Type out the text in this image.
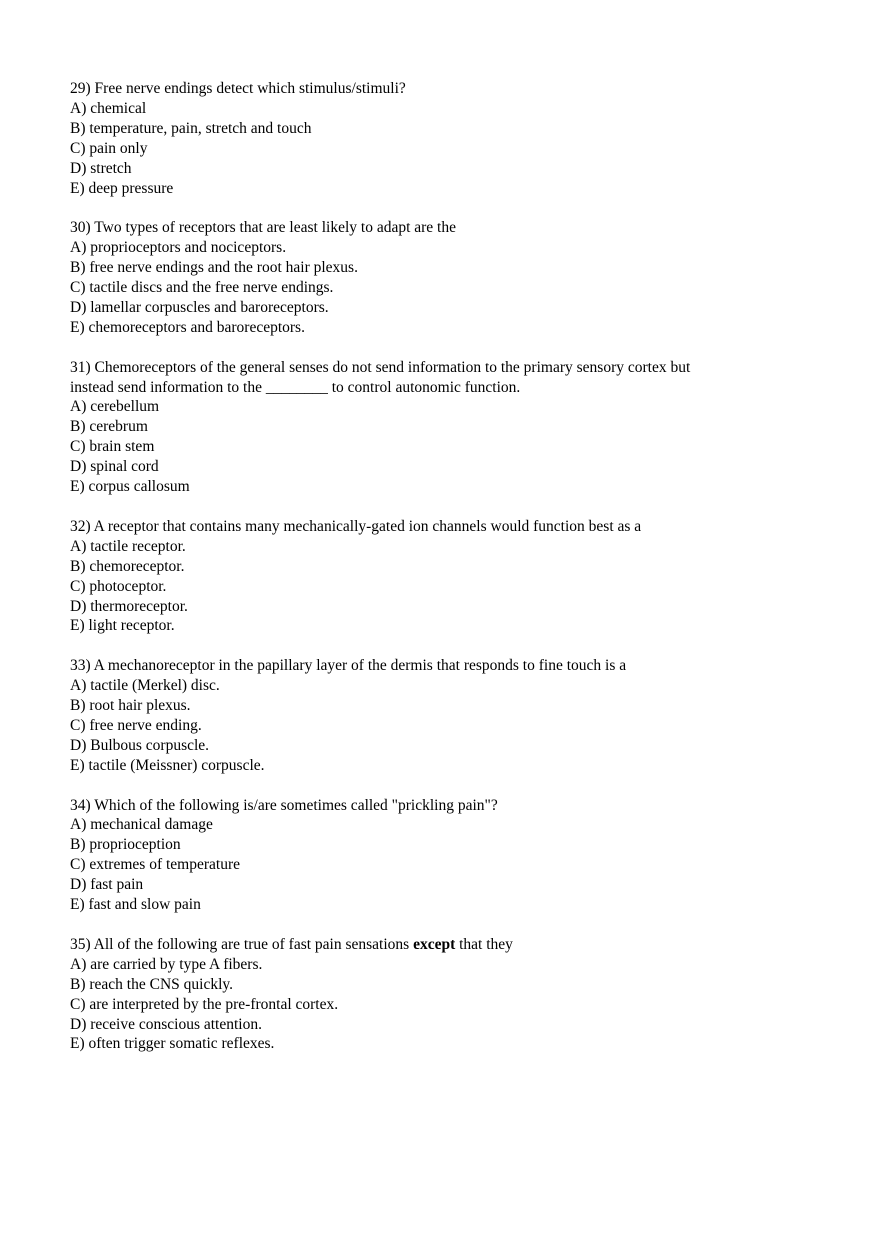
29) Free nerve endings detect which stimulus/stimuli?
A) chemical
B) temperature, pain, stretch and touch
C) pain only
D) stretch
E) deep pressure
30) Two types of receptors that are least likely to adapt are the
A) proprioceptors and nociceptors.
B) free nerve endings and the root hair plexus.
C) tactile discs and the free nerve endings.
D) lamellar corpuscles and baroreceptors.
E) chemoreceptors and baroreceptors.
31) Chemoreceptors of the general senses do not send information to the primary sensory cortex but
instead send information to the ________ to control autonomic function.
A) cerebellum
B) cerebrum
C) brain stem
D) spinal cord
E) corpus callosum
32) A receptor that contains many mechanically-gated ion channels would function best as a
A) tactile receptor.
B) chemoreceptor.
C) photoceptor.
D) thermoreceptor.
E) light receptor.
33) A mechanoreceptor in the papillary layer of the dermis that responds to fine touch is a
A) tactile (Merkel) disc.
B) root hair plexus.
C) free nerve ending.
D) Bulbous corpuscle.
E) tactile (Meissner) corpuscle.
34) Which of the following is/are sometimes called "prickling pain"?
A) mechanical damage
B) proprioception
C) extremes of temperature
D) fast pain
E) fast and slow pain
35) All of the following are true of fast pain sensations except that they
A) are carried by type A fibers.
B) reach the CNS quickly.
C) are interpreted by the pre-frontal cortex.
D) receive conscious attention.
E) often trigger somatic reflexes.
